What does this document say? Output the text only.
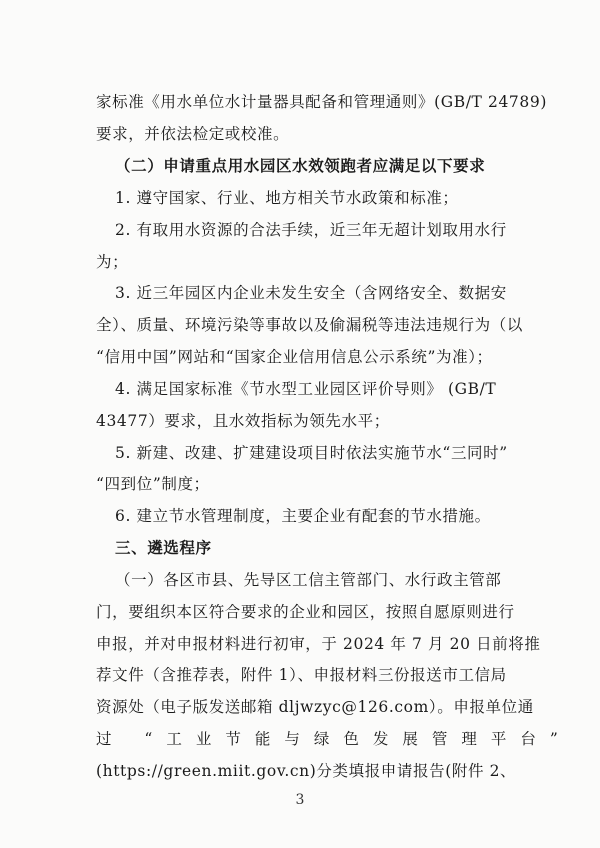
家标准《用水单位水计量器具配备和管理通则》(GB/T 24789)
要求，并依法检定或校准。
（二）申请重点用水园区水效领跑者应满足以下要求
1. 遵守国家、行业、地方相关节水政策和标准；
2. 有取用水资源的合法手续，近三年无超计划取用水行
为；
3. 近三年园区内企业未发生安全（含网络安全、数据安
全）、质量、环境污染等事故以及偷漏税等违法违规行为（以
“信用中国”网站和“国家企业信用信息公示系统”为准）；
4. 满足国家标准《节水型工业园区评价导则》 (GB/T
43477）要求，且水效指标为领先水平；
5. 新建、改建、扩建建设项目时依法实施节水“三同时”
“四到位”制度；
6. 建立节水管理制度，主要企业有配套的节水措施。
三、遴选程序
（一）各区市县、先导区工信主管部门、水行政主管部
门，要组织本区符合要求的企业和园区，按照自愿原则进行
申报，并对申报材料进行初审，于 2024 年 7 月 20 日前将推
荐文件（含推荐表，附件 1）、申报材料三份报送市工信局
资源处（电子版发送邮箱 dljwzyc@126.com）。申报单位通
过 “工业节能与绿色发展管理平台”
(https://green.miit.gov.cn)分类填报申请报告(附件 2、
3
